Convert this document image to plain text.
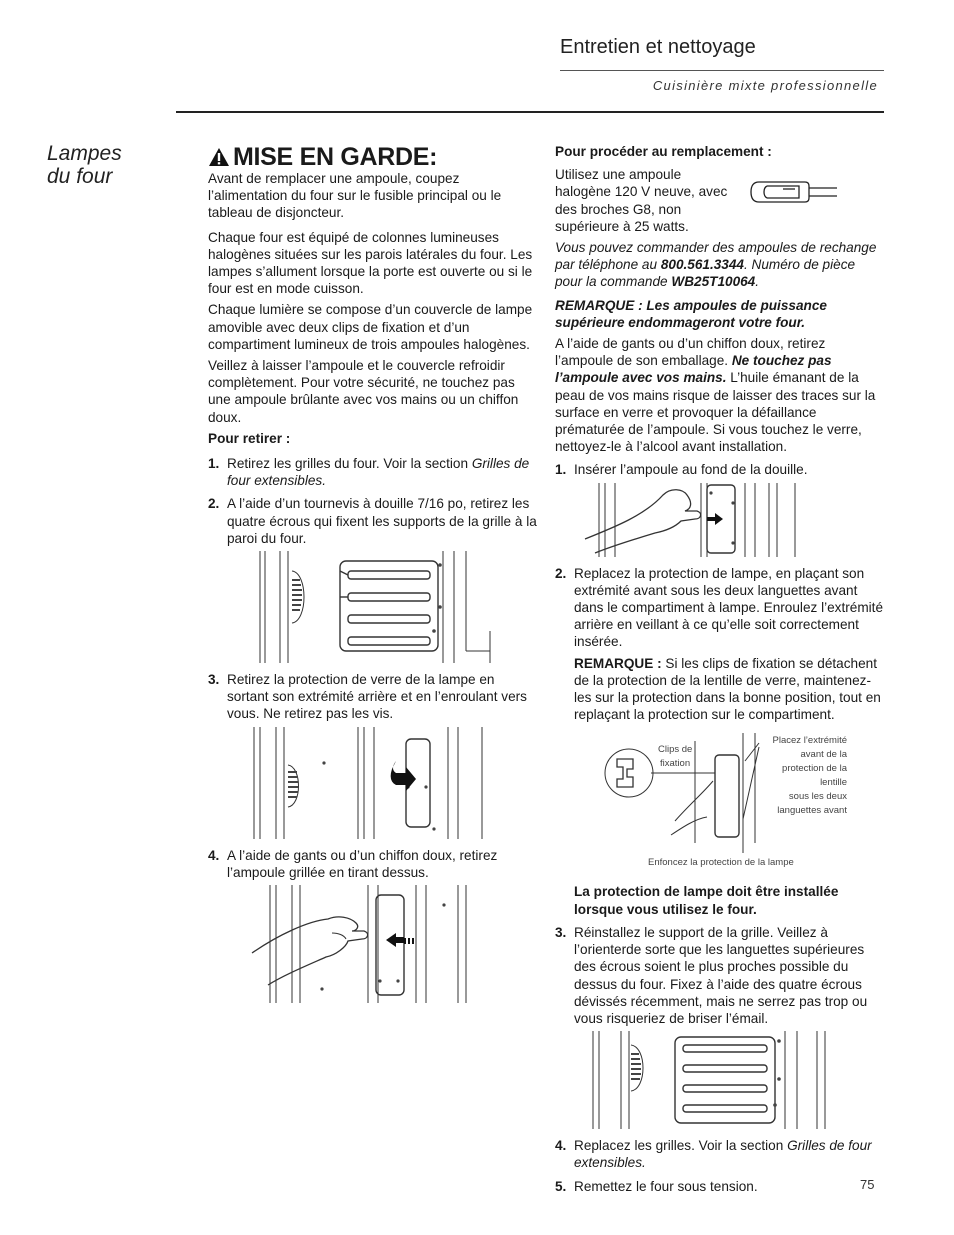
Entretien et nettoyage
Cuisinière mixte professionnelle
Lampes
du four
MISE EN GARDE:

Avant de remplacer une ampoule, coupez l’alimentation du four sur le fusible principal ou le tableau de disjoncteur.

Chaque four est équipé de colonnes lumineuses halogènes situées sur les parois latérales du four. Les lampes s’allument lorsque la porte est ouverte ou si le four est en mode cuisson.

Chaque lumière se compose d’un couvercle de lampe amovible avec deux clips de fixation et d’un compartiment lumineux de trois ampoules halogènes.

Veillez à laisser l’ampoule et le couvercle refroidir complètement. Pour votre sécurité, ne touchez pas une ampoule brûlante avec vos mains ou un chiffon doux.

Pour retirer :

1. Retirez les grilles du four. Voir la section Grilles de four extensibles.
2. A l’aide d’un tournevis à douille 7/16 po, retirez les quatre écrous qui fixent les supports de la grille à la paroi du four.
3. Retirez la protection de verre de la lampe en sortant son extrémité arrière et en l’enroulant vers vous. Ne retirez pas les vis.
4. A l’aide de gants ou d’un chiffon doux, retirez l’ampoule grillée en tirant dessus.

Pour procéder au remplacement :

Utilisez une ampoule halogène 120 V neuve, avec des broches G8, non supérieure à 25 watts.

Vous pouvez commander des ampoules de rechange par téléphone au 800.561.3344. Numéro de pièce pour la commande WB25T10064.

REMARQUE : Les ampoules de puissance supérieure endommageront votre four.

A l’aide de gants ou d’un chiffon doux, retirez l’ampoule de son emballage. Ne touchez pas l’ampoule avec vos mains. L’huile émanant de la peau de vos mains risque de laisser des traces sur la surface en verre et provoquer la défaillance prématurée de l’ampoule. Si vous touchez le verre, nettoyez-le à l’alcool avant installation.

1. Insérer l’ampoule au fond de la douille.
2. Replacez la protection de lampe, en plaçant son extrémité avant sous les deux languettes avant dans le compartiment à lampe. Enroulez l’extrémité arrière en veillant à ce qu’elle soit correctement insérée.
REMARQUE : Si les clips de fixation se détachent de la protection de la lentille de verre, maintenez-les sur la protection dans la bonne position, tout en replaçant la protection sur le compartiment.
Clips de
fixation
Placez l’extrémité
avant de la
protection de la
lentille
sous les deux
languettes avant
Enfoncez la protection de la lampe

La protection de lampe doit être installée lorsque vous utilisez le four.

3. Réinstallez le support de la grille. Veillez à l’orienterde sorte que les languettes supérieures des écrous soient le plus proches possible du dessus du four. Fixez à l’aide des quatre écrous dévissés récemment, mais ne serrez pas trop ou vous risqueriez de briser l’émail.
4. Replacez les grilles. Voir la section Grilles de four extensibles.
5. Remettez le four sous tension.	75
